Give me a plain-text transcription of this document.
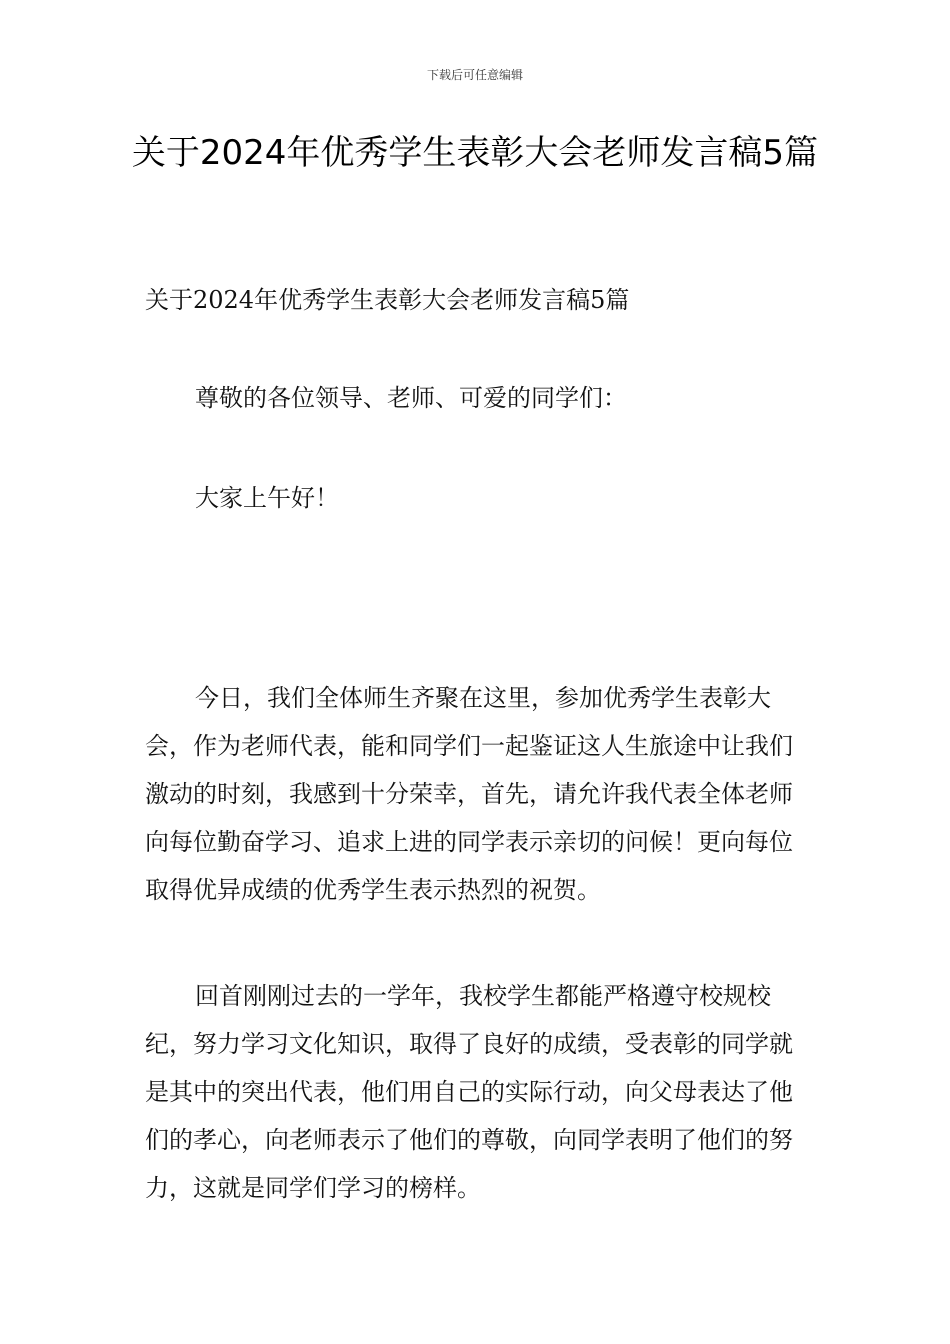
下载后可任意编辑
关于2024年优秀学生表彰大会老师发言稿5篇

关于2024年优秀学生表彰大会老师发言稿5篇

尊敬的各位领导、老师、可爱的同学们：

大家上午好！

今日，我们全体师生齐聚在这里，参加优秀学生表彰大会，作为老师代表，能和同学们一起鉴证这人生旅途中让我们激动的时刻，我感到十分荣幸，首先，请允许我代表全体老师向每位勤奋学习、追求上进的同学表示亲切的问候！更向每位取得优异成绩的优秀学生表示热烈的祝贺。

回首刚刚过去的一学年，我校学生都能严格遵守校规校纪，努力学习文化知识，取得了良好的成绩，受表彰的同学就是其中的突出代表，他们用自己的实际行动，向父母表达了他们的孝心，向老师表示了他们的尊敬，向同学表明了他们的努力，这就是同学们学习的榜样。
